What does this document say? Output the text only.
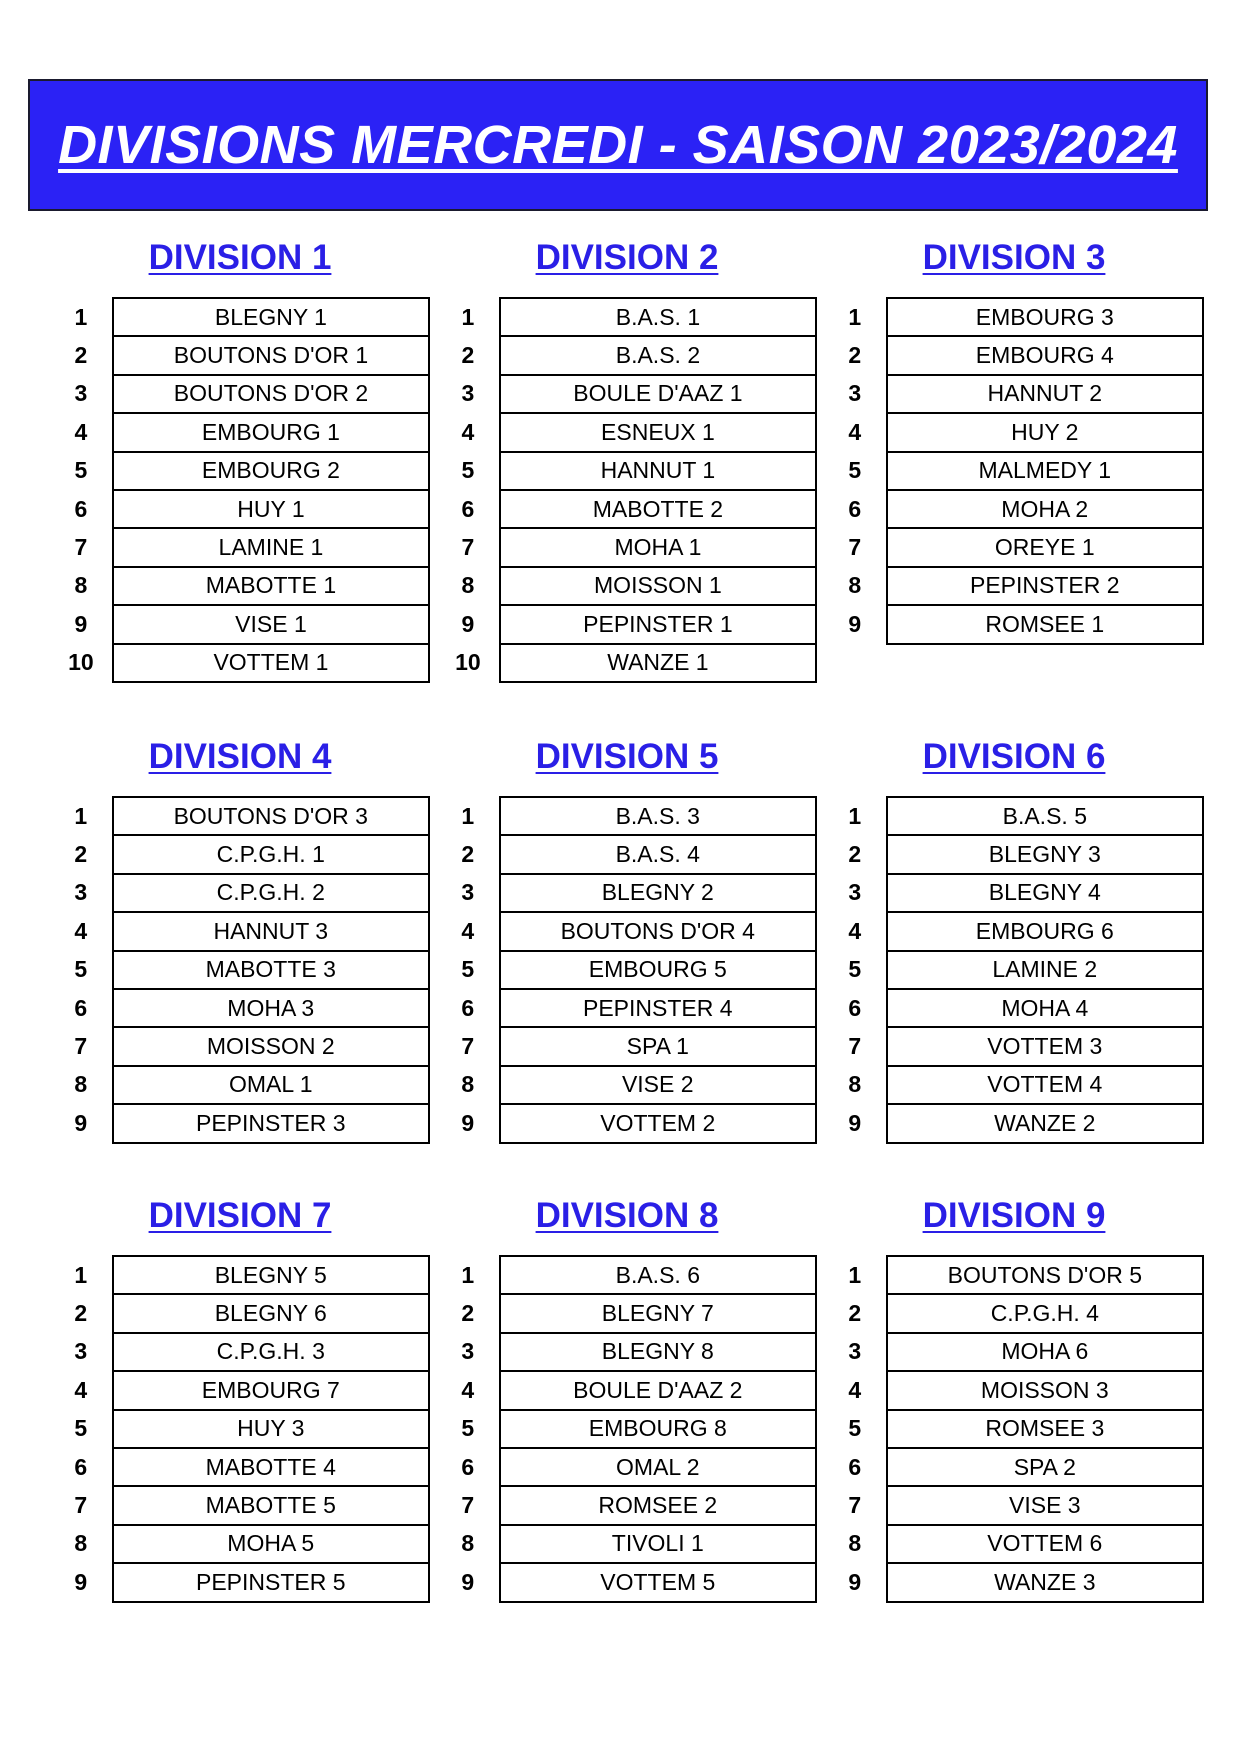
DIVISIONS MERCREDI - SAISON 2023/2024
DIVISION 1
1	BLEGNY 1
2	BOUTONS D'OR 1
3	BOUTONS D'OR 2
4	EMBOURG 1
5	EMBOURG 2
6	HUY 1
7	LAMINE 1
8	MABOTTE 1
9	VISE 1
10	VOTTEM 1
DIVISION 2
1	B.A.S. 1
2	B.A.S. 2
3	BOULE D'AAZ 1
4	ESNEUX 1
5	HANNUT 1
6	MABOTTE 2
7	MOHA 1
8	MOISSON 1
9	PEPINSTER 1
10	WANZE 1
DIVISION 3
1	EMBOURG 3
2	EMBOURG 4
3	HANNUT 2
4	HUY 2
5	MALMEDY 1
6	MOHA 2
7	OREYE 1
8	PEPINSTER 2
9	ROMSEE 1
DIVISION 4
1	BOUTONS D'OR 3
2	C.P.G.H. 1
3	C.P.G.H. 2
4	HANNUT 3
5	MABOTTE 3
6	MOHA 3
7	MOISSON 2
8	OMAL 1
9	PEPINSTER 3
DIVISION 5
1	B.A.S. 3
2	B.A.S. 4
3	BLEGNY 2
4	BOUTONS D'OR 4
5	EMBOURG 5
6	PEPINSTER 4
7	SPA 1
8	VISE 2
9	VOTTEM 2
DIVISION 6
1	B.A.S. 5
2	BLEGNY 3
3	BLEGNY 4
4	EMBOURG 6
5	LAMINE 2
6	MOHA 4
7	VOTTEM 3
8	VOTTEM 4
9	WANZE 2
DIVISION 7
1	BLEGNY 5
2	BLEGNY 6
3	C.P.G.H. 3
4	EMBOURG 7
5	HUY 3
6	MABOTTE 4
7	MABOTTE 5
8	MOHA 5
9	PEPINSTER 5
DIVISION 8
1	B.A.S. 6
2	BLEGNY 7
3	BLEGNY 8
4	BOULE D'AAZ 2
5	EMBOURG 8
6	OMAL 2
7	ROMSEE 2
8	TIVOLI 1
9	VOTTEM 5
DIVISION 9
1	BOUTONS D'OR 5
2	C.P.G.H. 4
3	MOHA 6
4	MOISSON 3
5	ROMSEE 3
6	SPA 2
7	VISE 3
8	VOTTEM 6
9	WANZE 3
